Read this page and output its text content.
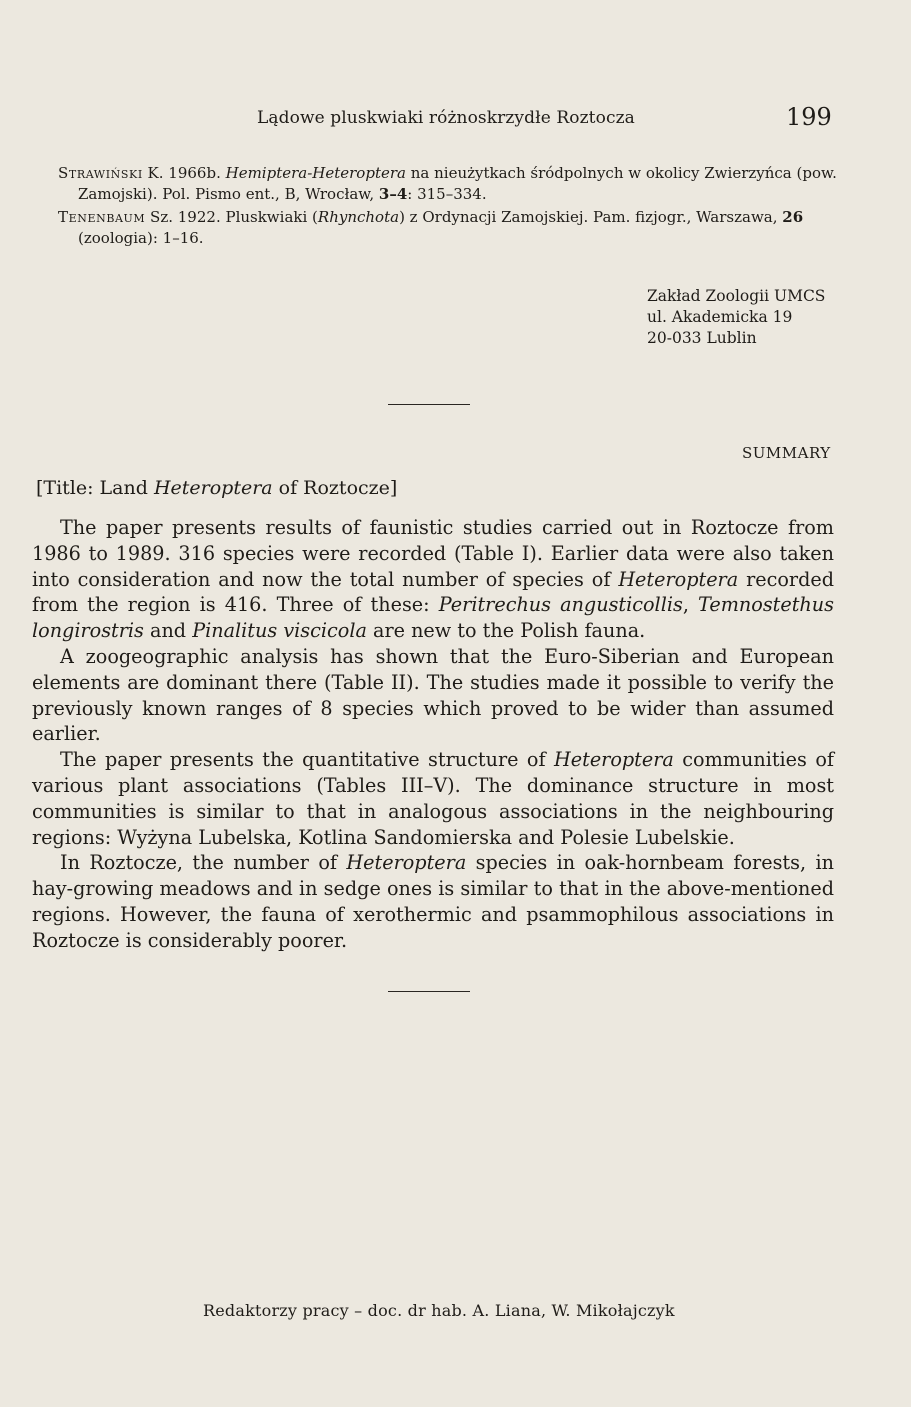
Lądowe pluskwiaki różnoskrzydłe Roztocza	199

Strawiński K. 1966b. Hemiptera-Heteroptera na nieużytkach śródpolnych w okolicy Zwierzyńca (pow. Zamojski). Pol. Pismo ent., B, Wrocław, 3–4: 315–334.

Tenenbaum Sz. 1922. Pluskwiaki (Rhynchota) z Ordynacji Zamojskiej. Pam. fizjogr., Warszawa, 26 (zoologia): 1–16.

Zakład Zoologii UMCS
ul. Akademicka 19
20-033 Lublin
SUMMARY
[Title: Land Heteroptera of Roztocze]

The paper presents results of faunistic studies carried out in Roztocze from 1986 to 1989. 316 species were recorded (Table I). Earlier data were also taken into consideration and now the total number of species of Heteroptera recorded from the region is 416. Three of these: Peritrechus angusticollis, Temnostethus longirostris and Pinalitus viscicola are new to the Polish fauna.

A zoogeographic analysis has shown that the Euro-Siberian and European elements are dominant there (Table II). The studies made it possible to verify the previously known ranges of 8 species which proved to be wider than assumed earlier.

The paper presents the quantitative structure of Heteroptera communities of various plant associations (Tables III–V). The dominance structure in most communities is similar to that in analogous associations in the neighbouring regions: Wyżyna Lubelska, Kotlina Sandomierska and Polesie Lubelskie.

In Roztocze, the number of Heteroptera species in oak-hornbeam forests, in hay-growing meadows and in sedge ones is similar to that in the above-mentioned regions. However, the fauna of xerothermic and psammophilous associations in Roztocze is considerably poorer.

Redaktorzy pracy – doc. dr hab. A. Liana, W. Mikołajczyk
